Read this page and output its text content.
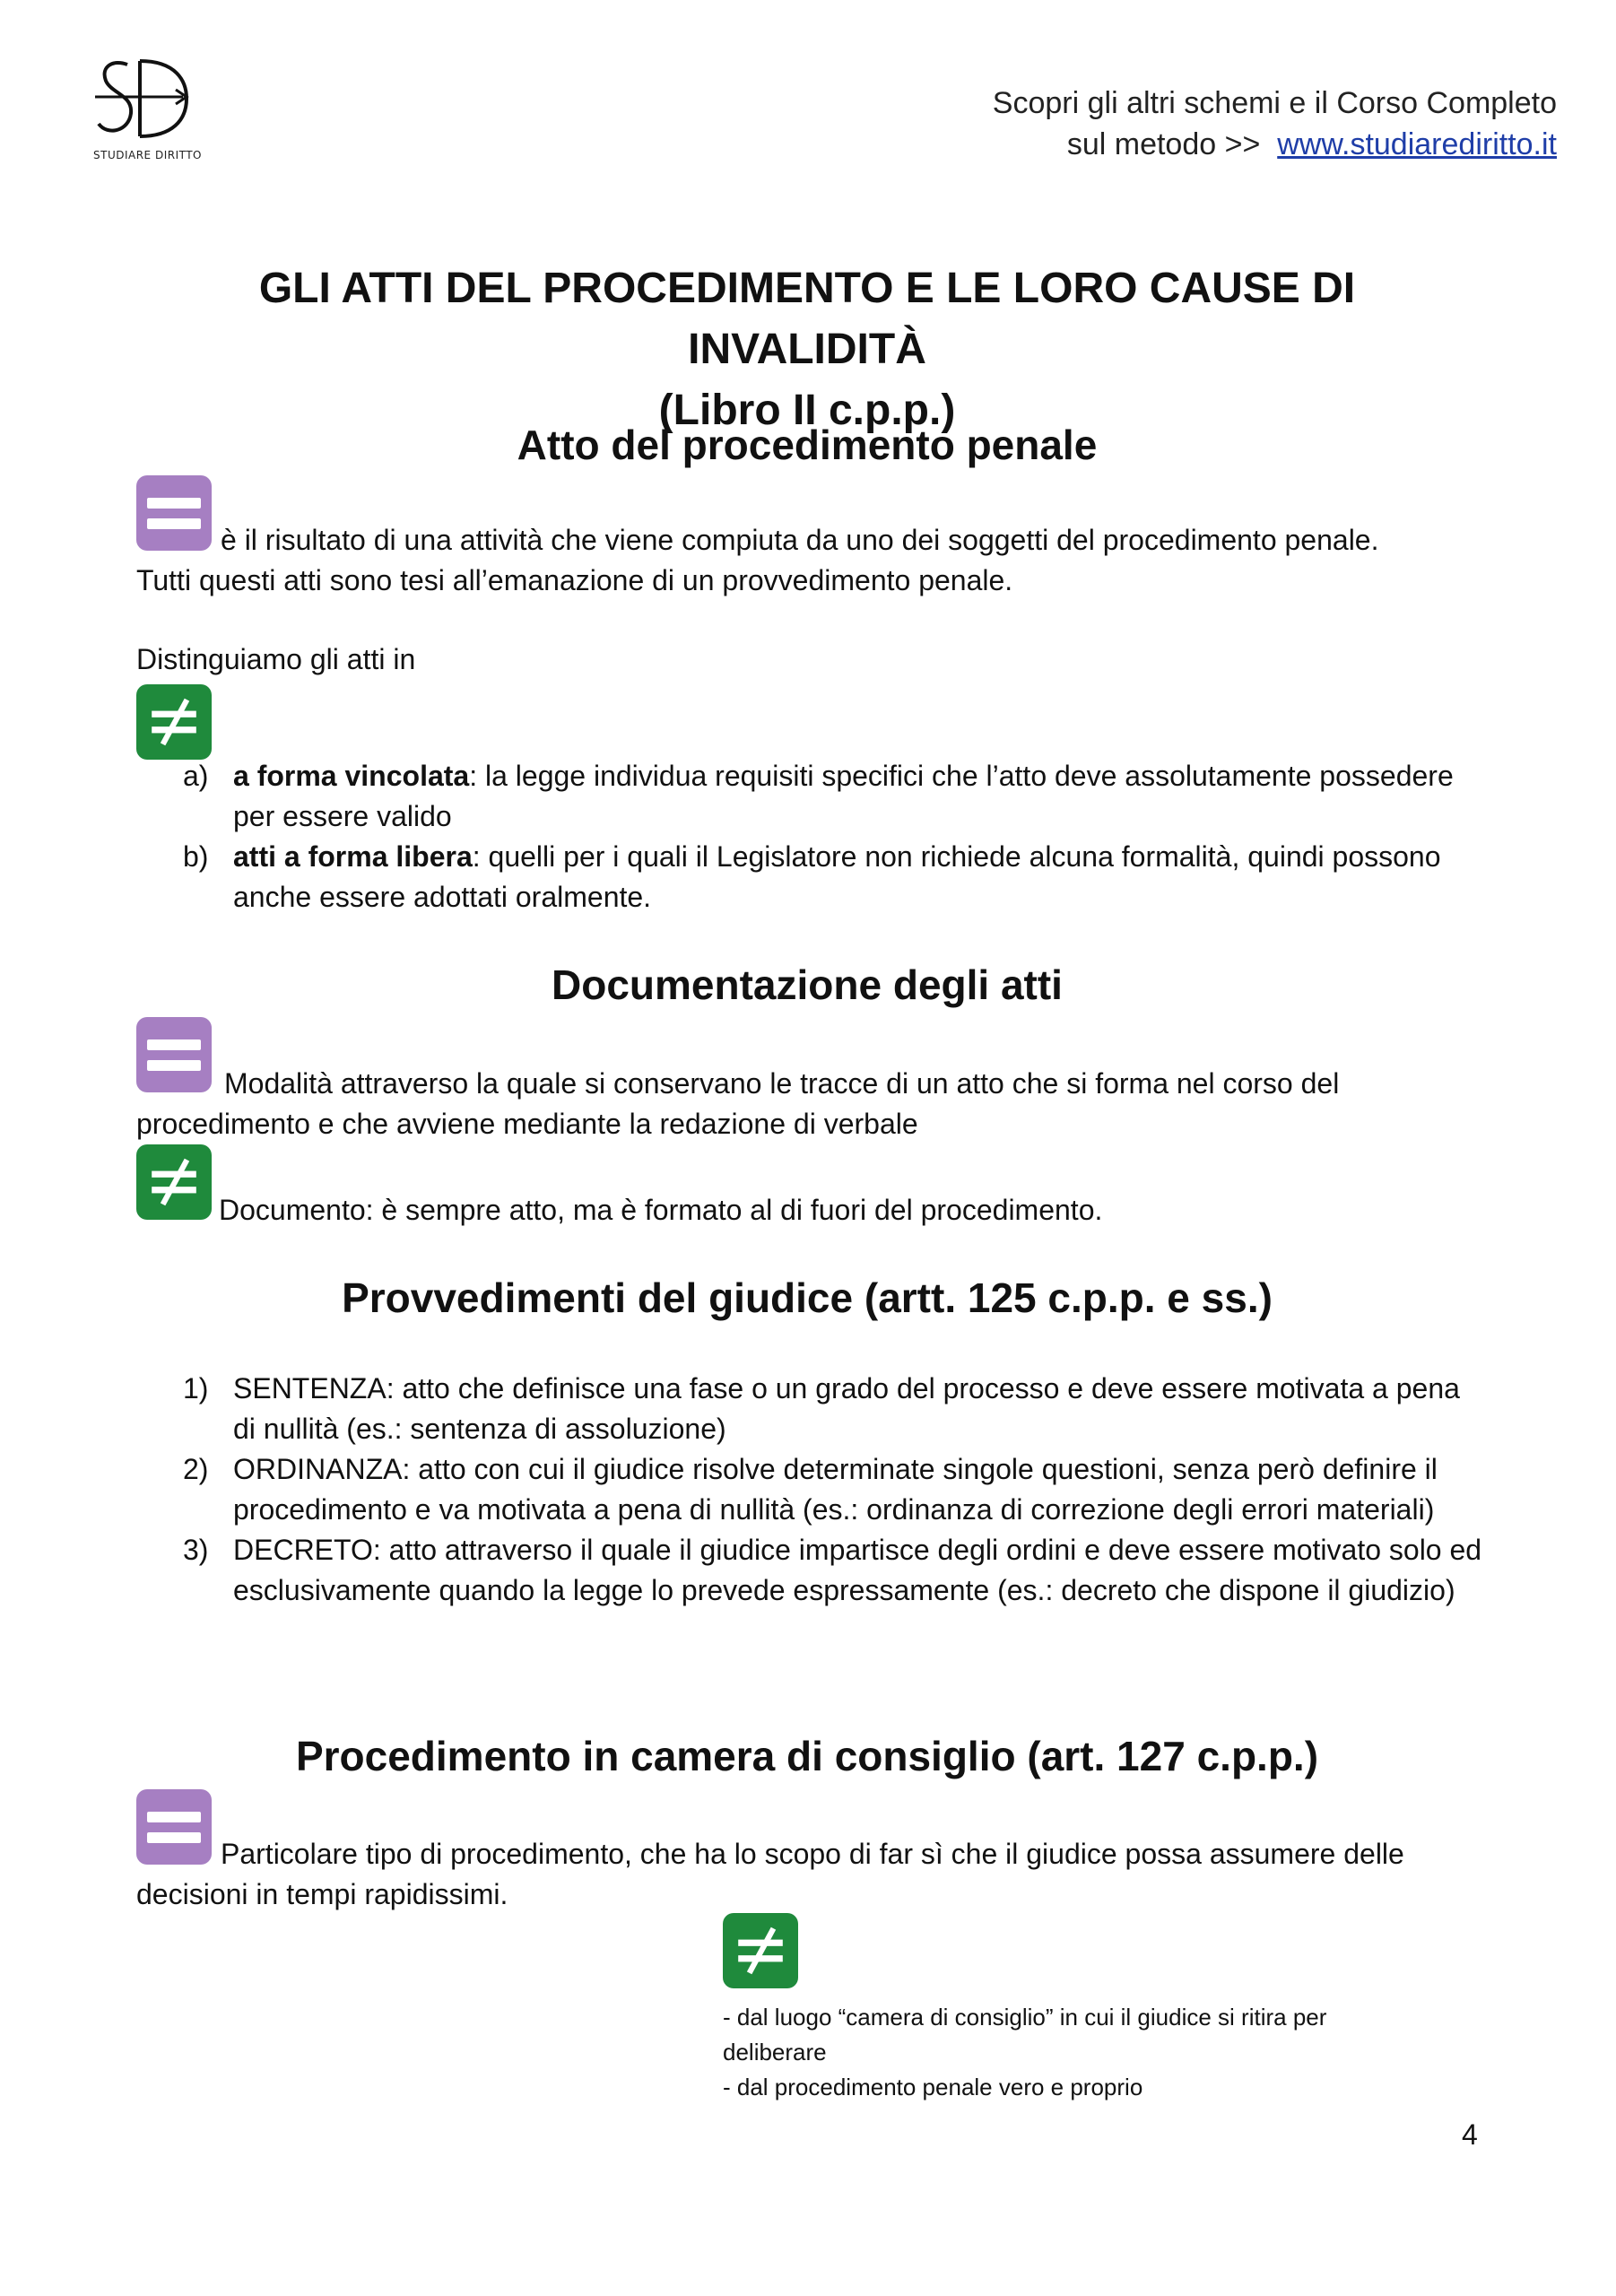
STUDIARE DIRITTO
Scopri gli altri schemi e il Corso Completo
sul metodo >>  www.studiarediritto.it
GLI ATTI DEL PROCEDIMENTO E LE LORO CAUSE DI INVALIDITÀ
(Libro II c.p.p.)
Atto del procedimento penale
è il risultato di una attività che viene compiuta da uno dei soggetti del procedimento penale.
Tutti questi atti sono tesi all’emanazione di un provvedimento penale.
Distinguiamo gli atti in
a) a forma vincolata: la legge individua requisiti specifici che l’atto deve assolutamente possedere per essere valido
b) atti a forma libera: quelli per i quali il Legislatore non richiede alcuna formalità, quindi possono anche essere adottati oralmente.
Documentazione degli atti
Modalità attraverso la quale si conservano le tracce di un atto che si forma nel corso del
procedimento e che avviene mediante la redazione di verbale
Documento: è sempre atto, ma è formato al di fuori del procedimento.
Provvedimenti del giudice (artt. 125 c.p.p. e ss.)
1) SENTENZA: atto che definisce una fase o un grado del processo e deve essere motivata a pena di nullità (es.: sentenza di assoluzione)
2) ORDINANZA: atto con cui il giudice risolve determinate singole questioni, senza però definire il procedimento e va motivata a pena di nullità (es.: ordinanza di correzione degli errori materiali)
3) DECRETO: atto attraverso il quale il giudice impartisce degli ordini e deve essere motivato solo ed esclusivamente quando la legge lo prevede espressamente (es.: decreto che dispone il giudizio)
Procedimento in camera di consiglio (art. 127 c.p.p.)
Particolare tipo di procedimento, che ha lo scopo di far sì che il giudice possa assumere delle
decisioni in tempi rapidissimi.
- dal luogo “camera di consiglio” in cui il giudice si ritira per deliberare
- dal procedimento penale vero e proprio
4
